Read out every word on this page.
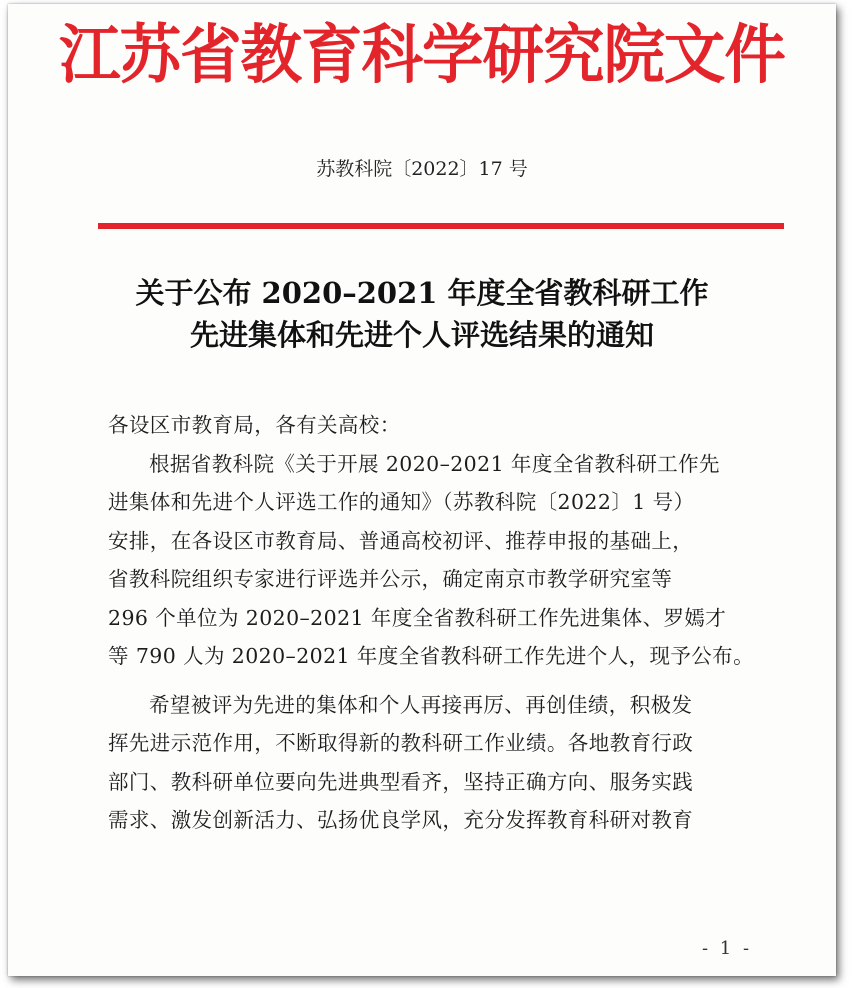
江苏省教育科学研究院文件
苏教科院〔2022〕17 号
关于公布 2020–2021 年度全省教科研工作
先进集体和先进个人评选结果的通知
各设区市教育局，各有关高校：
根据省教科院《关于开展 2020–2021 年度全省教科研工作先
进集体和先进个人评选工作的通知》（苏教科院〔2022〕1 号）
安排，在各设区市教育局、普通高校初评、推荐申报的基础上，
省教科院组织专家进行评选并公示，确定南京市教学研究室等
296 个单位为 2020–2021 年度全省教科研工作先进集体、罗嫣才
等 790 人为 2020–2021 年度全省教科研工作先进个人，现予公布。
希望被评为先进的集体和个人再接再厉、再创佳绩，积极发
挥先进示范作用，不断取得新的教科研工作业绩。各地教育行政
部门、教科研单位要向先进典型看齐，坚持正确方向、服务实践
需求、激发创新活力、弘扬优良学风，充分发挥教育科研对教育
- 1 -
